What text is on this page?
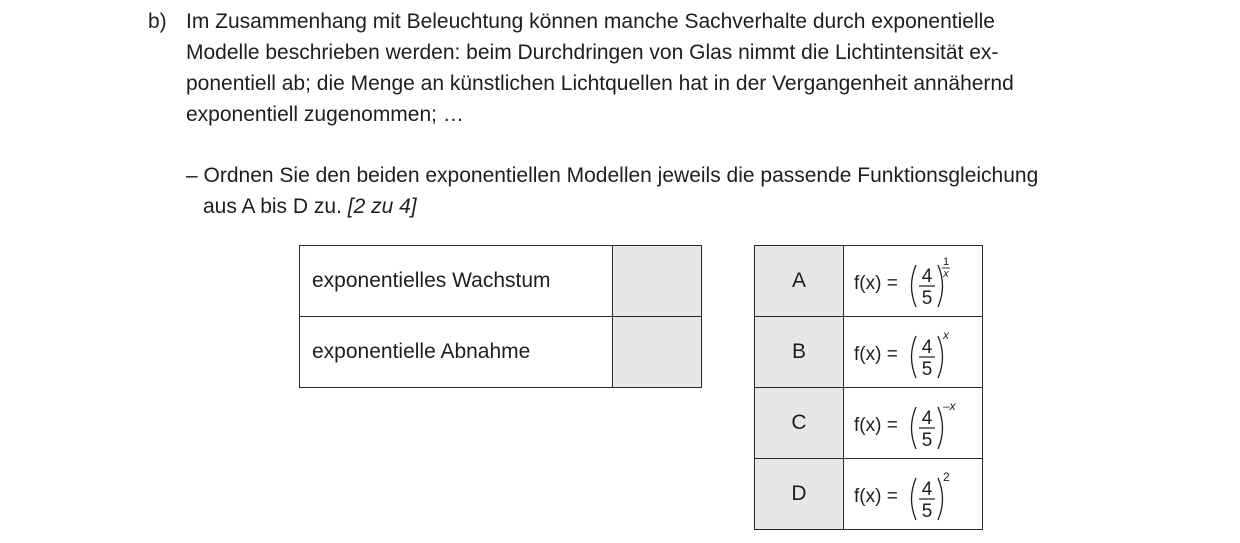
b) Im Zusammenhang mit Beleuchtung können manche Sachverhalte durch exponentielle
Modelle beschrieben werden: beim Durchdringen von Glas nimmt die Lichtintensität ex-
ponentiell ab; die Menge an künstlichen Lichtquellen hat in der Vergangenheit annähernd
exponentiell zugenommen; …
– Ordnen Sie den beiden exponentiellen Modellen jeweils die passende Funktionsgleichung
aus A bis D zu. [2 zu 4]
exponentielles Wachstum	
exponentielle Abnahme	
A	f(x) = 4
5
1
x

B	f(x) = 4
5
x

C	f(x) = 4
5
–x

D	f(x) = 4
5
2
